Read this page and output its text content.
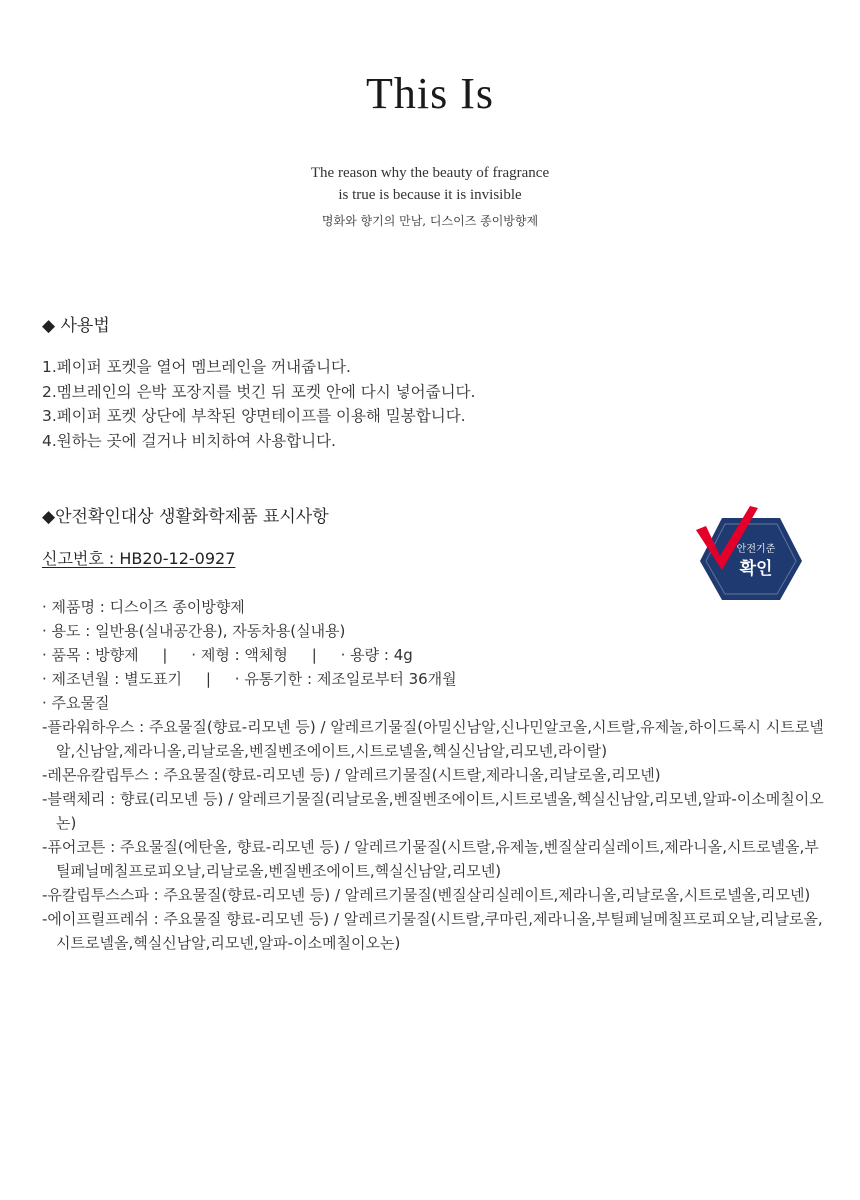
This Is
The reason why the beauty of fragrance
is true is because it is invisible
명화와 향기의 만남, 디스이즈 종이방향제
◆ 사용법
1.페이퍼 포켓을 열어 멤브레인을 꺼내줍니다.
2.멤브레인의 은박 포장지를 벗긴 뒤 포켓 안에 다시 넣어줍니다.
3.페이퍼 포켓 상단에 부착된 양면테이프를 이용해 밀봉합니다.
4.원하는 곳에 걸거나 비치하여 사용합니다.
◆안전확인대상 생활화학제품 표시사항
신고번호 : HB20-12-0927	안전기준
확인
· 제품명 : 디스이즈 종이방향제
· 용도 : 일반용(실내공간용), 자동차용(실내용)
· 품목 : 방향제     |     · 제형 : 액체형     |     · 용량 : 4g
· 제조년월 : 별도표기     |     · 유통기한 : 제조일로부터 36개월
· 주요물질
-플라워하우스 : 주요물질(향료-리모넨 등) / 알레르기물질(아밀신남알,신나민알코올,시트랄,유제놀,하이드록시 시트로넬알,신남알,제라니올,리날로올,벤질벤조에이트,시트로넬올,헥실신남알,리모넨,라이랄)
-레몬유칼립투스 : 주요물질(향료-리모넨 등) / 알레르기물질(시트랄,제라니올,리날로올,리모넨)
-블랙체리 : 향료(리모넨 등) / 알레르기물질(리날로올,벤질벤조에이트,시트로넬올,헥실신남알,리모넨,알파-이소메칠이오논)
-퓨어코튼 : 주요물질(에탄올, 향료-리모넨 등) / 알레르기물질(시트랄,유제놀,벤질살리실레이트,제라니올,시트로넬올,부틸페닐메칠프로피오날,리날로올,벤질벤조에이트,헥실신남알,리모넨)
-유칼립투스스파 : 주요물질(향료-리모넨 등) / 알레르기물질(벤질살리실레이트,제라니올,리날로올,시트로넬올,리모넨)
-에이프릴프레쉬 : 주요물질 향료-리모넨 등) / 알레르기물질(시트랄,쿠마린,제라니올,부틸페닐메칠프로피오날,리날로올,시트로넬올,헥실신남알,리모넨,알파-이소메칠이오논)
